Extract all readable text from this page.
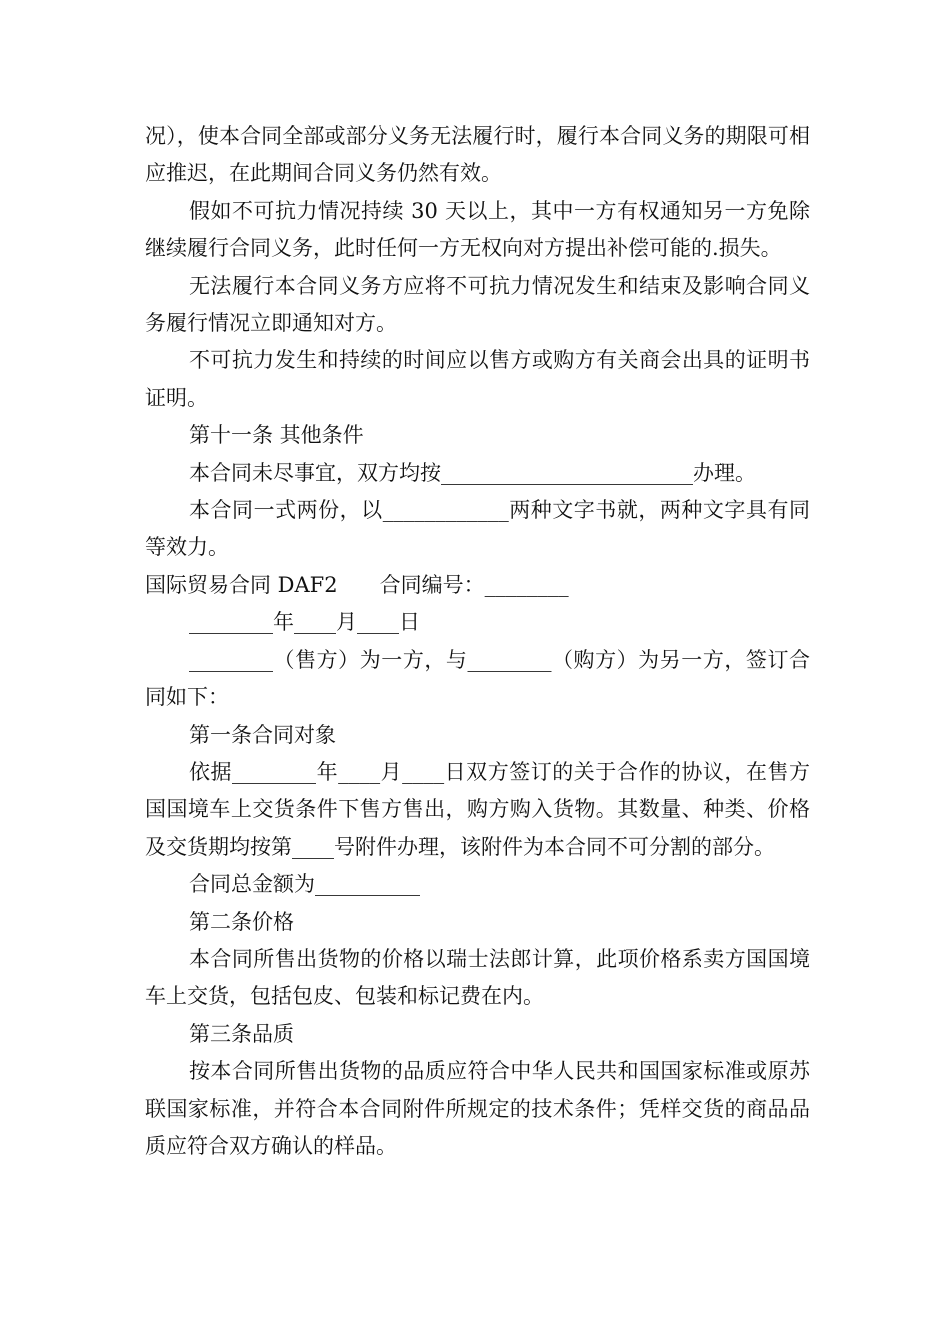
况），使本合同全部或部分义务无法履行时，履行本合同义务的期限可相应推迟，在此期间合同义务仍然有效。

假如不可抗力情况持续 30 天以上，其中一方有权通知另一方免除继续履行合同义务，此时任何一方无权向对方提出补偿可能的.损失。

无法履行本合同义务方应将不可抗力情况发生和结束及影响合同义务履行情况立即通知对方。

不可抗力发生和持续的时间应以售方或购方有关商会出具的证明书证明。

第十一条 其他条件

本合同未尽事宜，双方均按________________________办理。

本合同一式两份，以____________两种文字书就，两种文字具有同等效力。

国际贸易合同 DAF2　　合同编号：________

________年____月____日

________（售方）为一方，与________（购方）为另一方，签订合同如下：

第一条合同对象

依据________年____月____日双方签订的关于合作的协议，在售方国国境车上交货条件下售方售出，购方购入货物。其数量、种类、价格及交货期均按第____号附件办理，该附件为本合同不可分割的部分。

合同总金额为__________

第二条价格

本合同所售出货物的价格以瑞士法郎计算，此项价格系卖方国国境车上交货，包括包皮、包装和标记费在内。

第三条品质

按本合同所售出货物的品质应符合中华人民共和国国家标准或原苏联国家标准，并符合本合同附件所规定的技术条件；凭样交货的商品品质应符合双方确认的样品。
